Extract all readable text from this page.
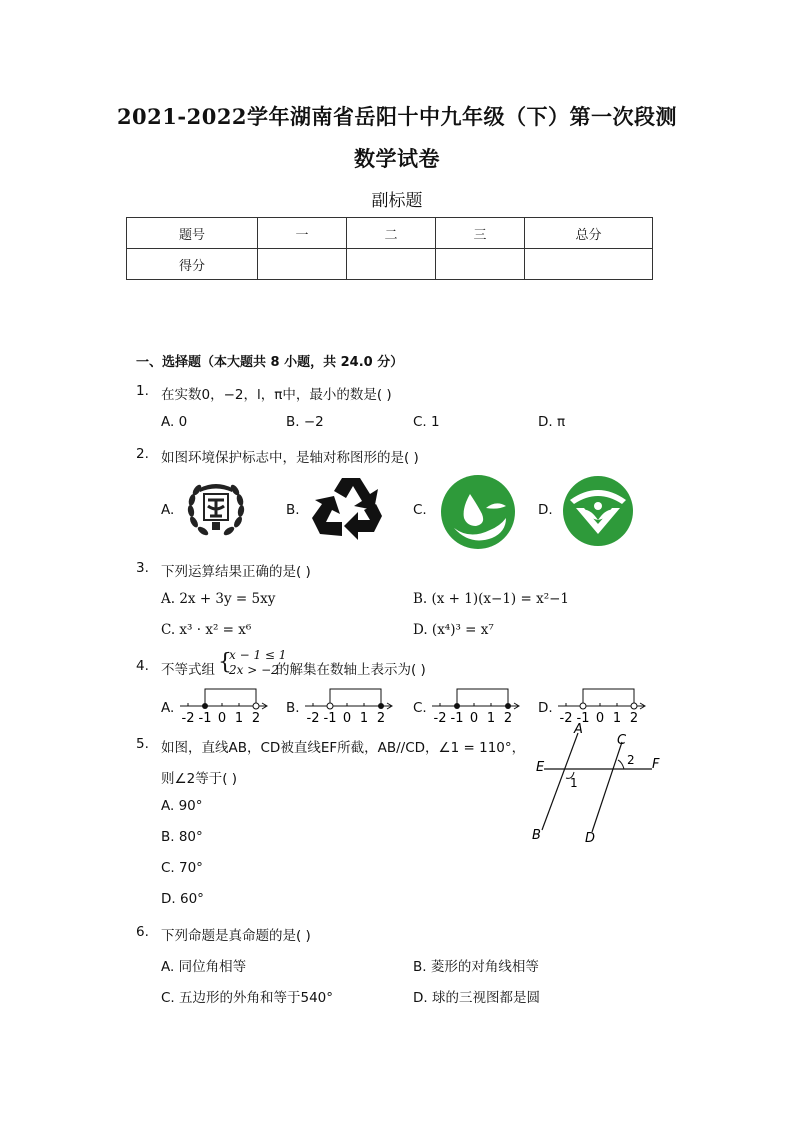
2021-2022学年湖南省岳阳十中九年级（下）第一次段测
数学试卷
副标题
题号	一	二	三	总分
得分				
一、选择题（本大题共 8 小题，共 24.0 分）
1. 在实数0，−2，l，π中，最小的数是( )
A. 0	B. −2	C. 1	D. π
2. 如图环境保护标志中，是轴对称图形的是( )
A.	B.	C.	D.
3. 下列运算结果正确的是( )
A. 2x + 3y = 5xy	B. (x + 1)(x−1) = x²−1
C. x³ · x² = x⁶	D. (x⁴)³ = x⁷
4. 不等式组 {
x − 1 ≤ 1
2x > −2
的解集在数轴上表示为( )
A.	B.	C.	D.
-2 -1 0 1 2	-2 -1 0 1 2	-2 -1 0 1 2	-2 -1 0 1 2
5. 如图，直线AB，CD被直线EF所截，AB//CD，∠1 = 110°，
则∠2等于( )
A. 90°
B. 80°
C. 70°
D. 60°
A
B
C
D
E	F
1
2
6. 下列命题是真命题的是( )
A. 同位角相等	B. 菱形的对角线相等
C. 五边形的外角和等于540°	D. 球的三视图都是圆
